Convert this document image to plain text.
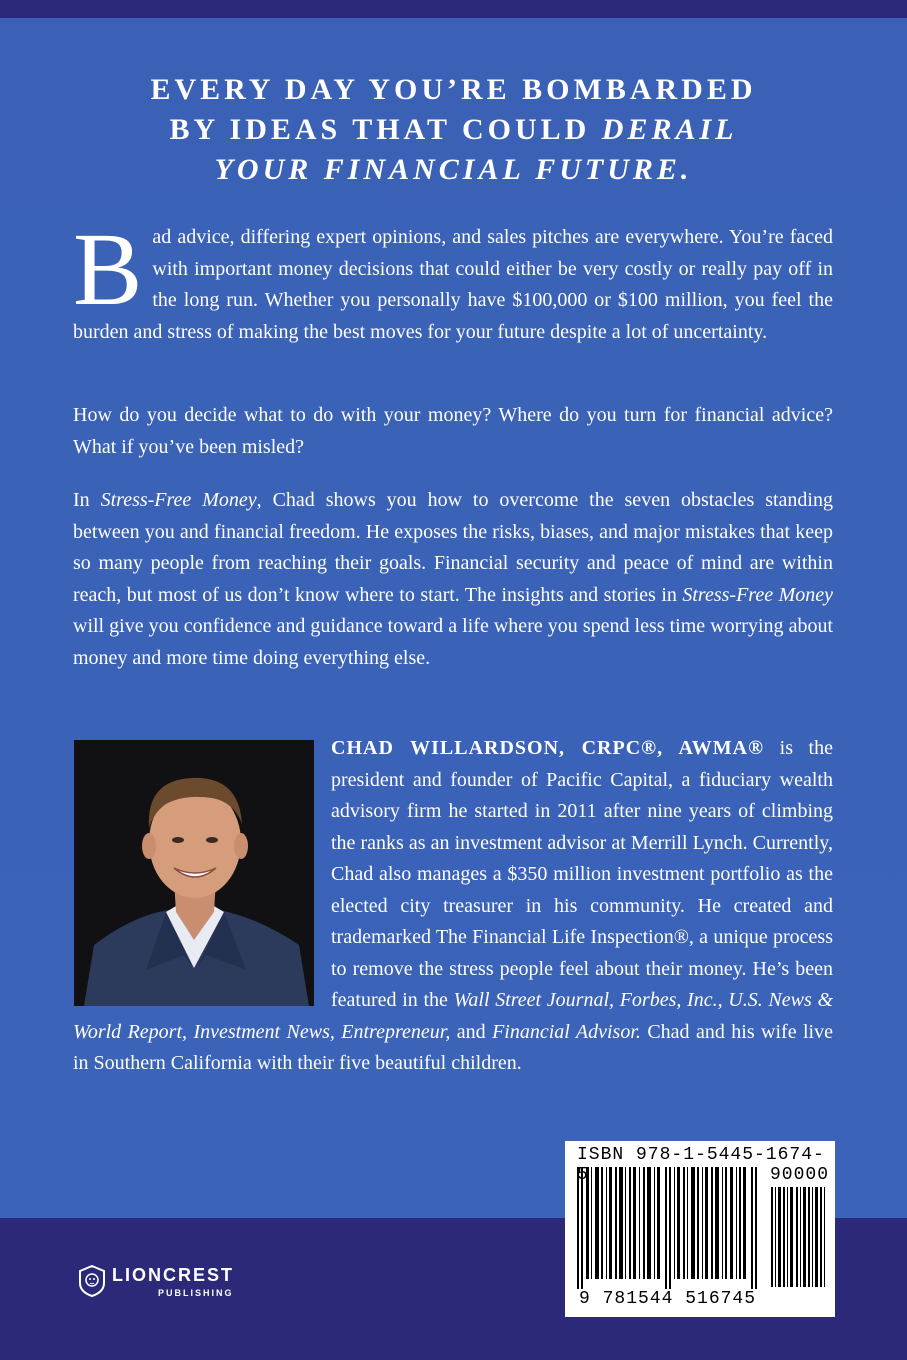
EVERY DAY YOU’RE BOMBARDED
BY IDEAS THAT COULD DERAIL
YOUR FINANCIAL FUTURE.
Bad advice, differing expert opinions, and sales pitches are everywhere. You’re faced with important money decisions that could either be very costly or really pay off in the long run. Whether you personally have $100,000 or $100 million, you feel the burden and stress of making the best moves for your future despite a lot of uncertainty.
How do you decide what to do with your money? Where do you turn for financial advice? What if you’ve been misled?
In Stress-Free Money, Chad shows you how to overcome the seven obstacles standing between you and financial freedom. He exposes the risks, biases, and major mistakes that keep so many people from reaching their goals. Financial security and peace of mind are within reach, but most of us don’t know where to start. The insights and stories in Stress-Free Money will give you confidence and guidance toward a life where you spend less time worrying about money and more time doing everything else.
CHAD WILLARDSON, CRPC®, AWMA® is the president and founder of Pacific Capital, a fiduciary wealth advisory firm he started in 2011 after nine years of climbing the ranks as an investment advisor at Merrill Lynch. Currently, Chad also manages a $350 million investment portfolio as the elected city treasurer in his community. He created and trademarked The Financial Life Inspection®, a unique process to remove the stress people feel about their money. He’s been featured in the Wall Street Journal, Forbes, Inc., U.S. News & World Report, Investment News, Entrepreneur, and Financial Advisor. Chad and his wife live in Southern California with their five beautiful children.
ISBN 978-1-5445-1674-
90000
9 781544 516745
LIONCREST
PUBLISHING
